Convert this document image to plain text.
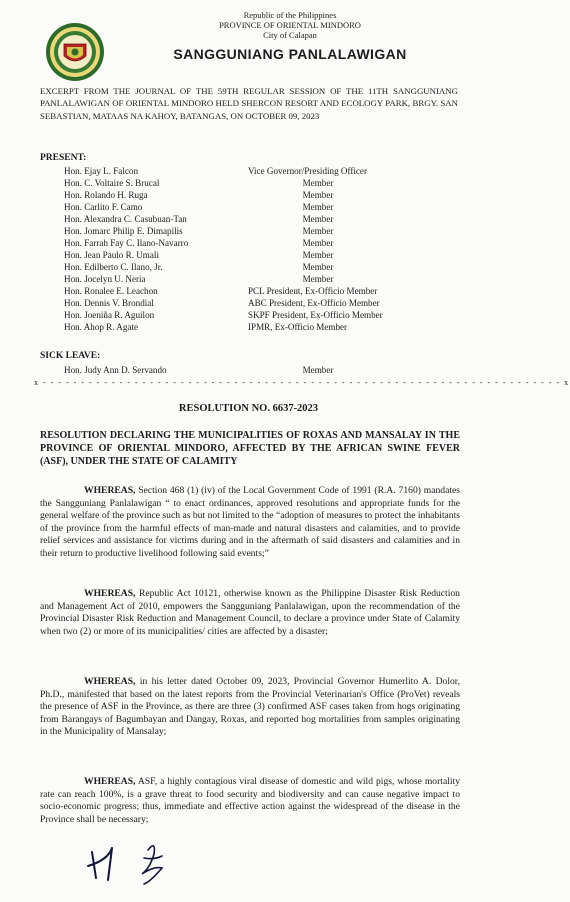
Republic of the Philippines
PROVINCE OF ORIENTAL MINDORO
City of Calapan
SANGGUNIANG PANLALAWIGAN
EXCERPT FROM THE JOURNAL OF THE 59TH REGULAR SESSION OF THE 11TH SANGGUNIANG PANLALAWIGAN OF ORIENTAL MINDORO HELD SHERCON RESORT AND ECOLOGY PARK, BRGY. SAN SEBASTIAN, MATAAS NA KAHOY, BATANGAS, ON OCTOBER 09, 2023
PRESENT:
Hon. Ejay L. Falcon	Vice Governor/Presiding Officer
Hon. C. Voltaire S. Brucal	Member
Hon. Rolando H. Ruga	Member
Hon. Carlito F. Camo	Member
Hon. Alexandra C. Casubuan-Tan	Member
Hon. Jomarc Philip E. Dimapilis	Member
Hon. Farrah Fay C. Ilano-Navarro	Member
Hon. Jean Paulo R. Umali	Member
Hon. Edilberto C. Ilano, Jr.	Member
Hon. Jocelyn U. Neria	Member
Hon. Ronalee E. Leachon	PCL President, Ex-Officio Member
Hon. Dennis V. Brondial	ABC President, Ex-Officio Member
Hon. Joeniña R. Aguilon	SKPF President, Ex-Officio Member
Hon. Ahop R. Agate	IPMR, Ex-Officio Member
SICK LEAVE:
Hon. Judy Ann D. Servando	Member
x - - - - - - - - - - - - - - - - - - - - - - - - - - - - - - - - - - - - - - - - - - - - - - - - - - - - - - - - - - - - - - - - - - - - x
RESOLUTION NO. 6637-2023
RESOLUTION DECLARING THE MUNICIPALITIES OF ROXAS AND MANSALAY IN THE PROVINCE OF ORIENTAL MINDORO, AFFECTED BY THE AFRICAN SWINE FEVER (ASF), UNDER THE STATE OF CALAMITY
WHEREAS, Section 468 (1) (iv) of the Local Government Code of 1991 (R.A. 7160) mandates the Sangguniang Panlalawigan “ to enact ordinances, approved resolutions and appropriate funds for the general welfare of the province such as but not limited to the “adoption of measures to protect the inhabitants of the province from the harmful effects of man-made and natural disasters and calamities, and to provide relief services and assistance for victims during and in the aftermath of said disasters and calamities and in their return to productive livelihood following said events;”
WHEREAS, Republic Act 10121, otherwise known as the Philippine Disaster Risk Reduction and Management Act of 2010, empowers the Sangguniang Panlalawigan, upon the recommendation of the Provincial Disaster Risk Reduction and Management Council, to declare a province under State of Calamity when two (2) or more of its municipalities/ cities are affected by a disaster;
WHEREAS, in his letter dated October 09, 2023, Provincial Governor Humerlito A. Dolor, Ph.D., manifested that based on the latest reports from the Provincial Veterinarian's Office (ProVet) reveals the presence of ASF in the Province, as there are three (3) confirmed ASF cases taken from hogs originating from Barangays of Bagumbayan and Dangay, Roxas, and reported hog mortalities from samples originating in the Municipality of Mansalay;
WHEREAS, ASF, a highly contagious viral disease of domestic and wild pigs, whose mortality rate can reach 100%, is a grave threat to food security and biodiversity and can cause negative impact to socio-economic progress; thus, immediate and effective action against the widespread of the disease in the Province shall be necessary;
